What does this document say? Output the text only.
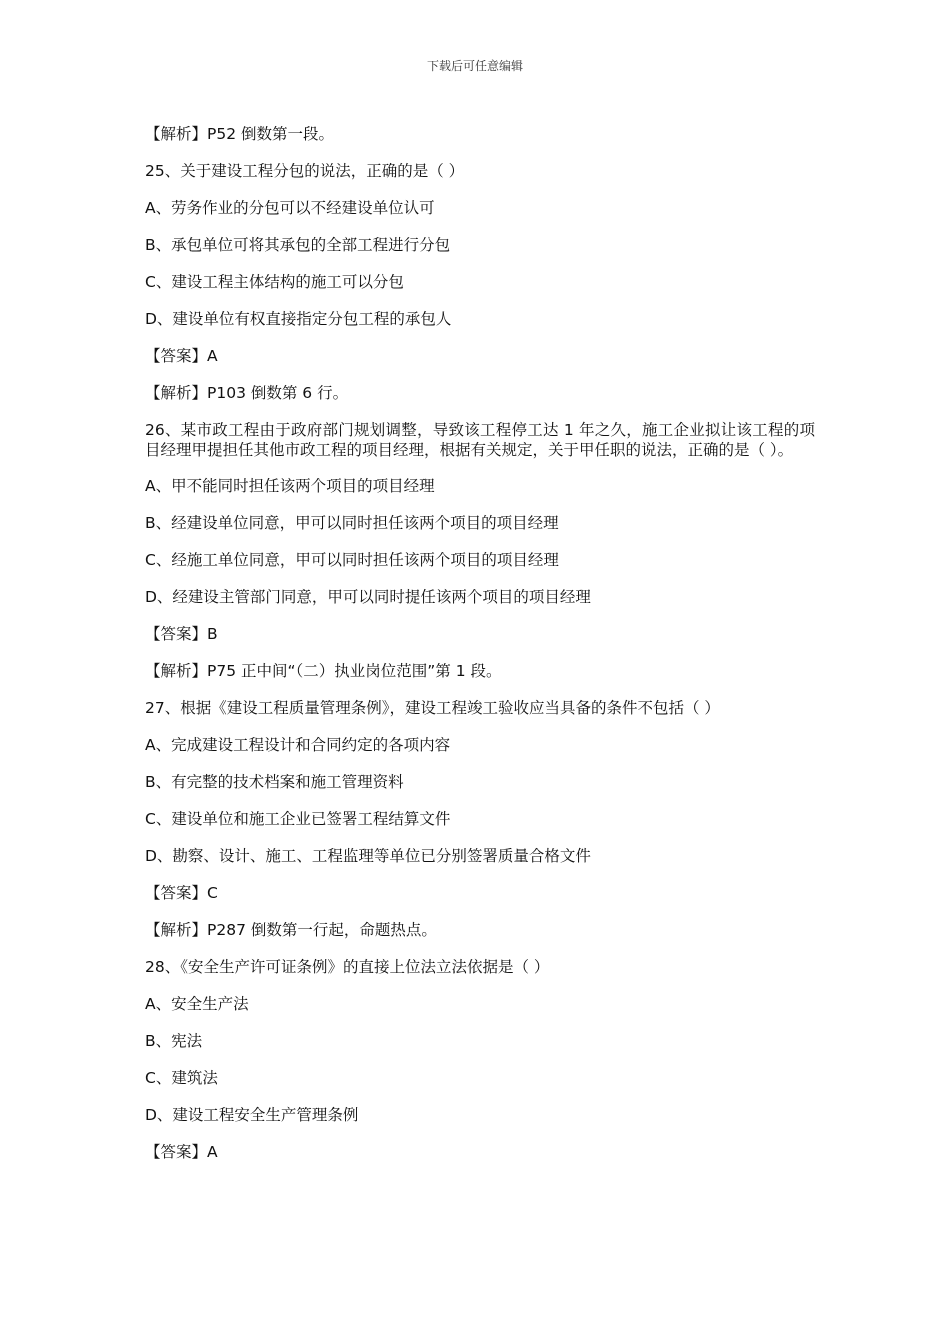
下载后可任意编辑

【解析】P52 倒数第一段。

25、关于建设工程分包的说法，正确的是（ ）

A、劳务作业的分包可以不经建设单位认可

B、承包单位可将其承包的全部工程进行分包

C、建设工程主体结构的施工可以分包

D、建设单位有权直接指定分包工程的承包人

【答案】A

【解析】P103 倒数第 6 行。

26、某市政工程由于政府部门规划调整，导致该工程停工达 1 年之久，施工企业拟让该工程的项目经理甲提担任其他市政工程的项目经理，根据有关规定，关于甲任职的说法，正确的是（ ）。

A、甲不能同时担任该两个项目的项目经理

B、经建设单位同意，甲可以同时担任该两个项目的项目经理

C、经施工单位同意，甲可以同时担任该两个项目的项目经理

D、经建设主管部门同意，甲可以同时提任该两个项目的项目经理

【答案】B

【解析】P75 正中间“（二）执业岗位范围”第 1 段。

27、根据《建设工程质量管理条例》，建设工程竣工验收应当具备的条件不包括（ ）

A、完成建设工程设计和合同约定的各项内容

B、有完整的技术档案和施工管理资料

C、建设单位和施工企业已签署工程结算文件

D、勘察、设计、施工、工程监理等单位已分别签署质量合格文件

【答案】C

【解析】P287 倒数第一行起，命题热点。

28、《安全生产许可证条例》的直接上位法立法依据是（ ）

A、安全生产法

B、宪法

C、建筑法

D、建设工程安全生产管理条例

【答案】A
